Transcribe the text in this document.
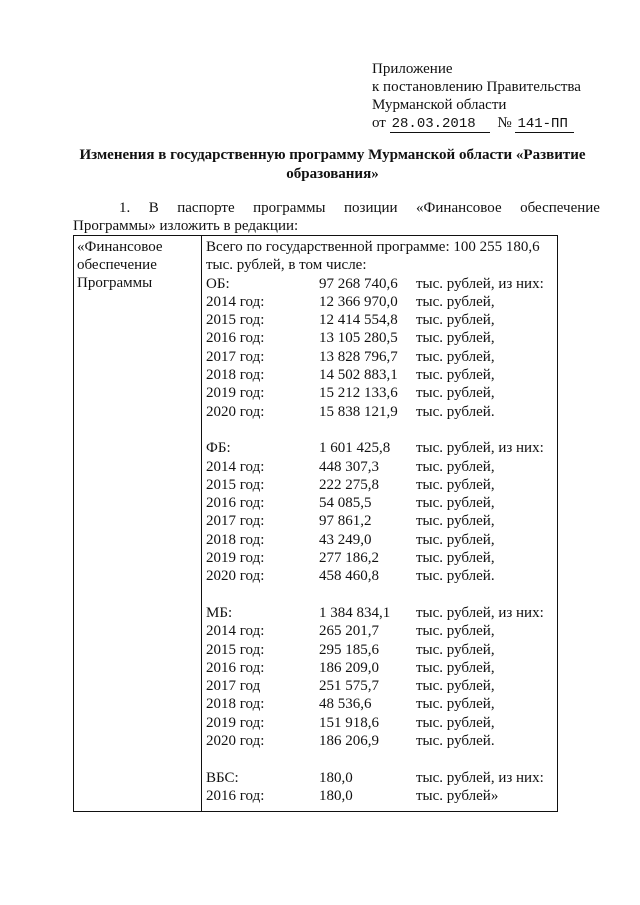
Приложение
к постановлению Правительства
Мурманской области
от 28.03.2018 № 141-ПП
Изменения в государственную программу Мурманской области «Развитие
образования»
1. В паспорте программы позиции «Финансовое обеспечение
Программы» изложить в редакции:
«Финансовое
обеспечение
Программы

Всего по государственной программе: 100 255 180,6
тыс. рублей, в том числе:
ОБ:	97 268 740,6	тыс. рублей, из них:
2014 год:	12 366 970,0	тыс. рублей,
2015 год:	12 414 554,8	тыс. рублей,
2016 год:	13 105 280,5	тыс. рублей,
2017 год:	13 828 796,7	тыс. рублей,
2018 год:	14 502 883,1	тыс. рублей,
2019 год:	15 212 133,6	тыс. рублей,
2020 год:	15 838 121,9	тыс. рублей.
ФБ:	1 601 425,8	тыс. рублей, из них:
2014 год:	448 307,3	тыс. рублей,
2015 год:	222 275,8	тыс. рублей,
2016 год:	54 085,5	тыс. рублей,
2017 год:	97 861,2	тыс. рублей,
2018 год:	43 249,0	тыс. рублей,
2019 год:	277 186,2	тыс. рублей,
2020 год:	458 460,8	тыс. рублей.
МБ:	1 384 834,1	тыс. рублей, из них:
2014 год:	265 201,7	тыс. рублей,
2015 год:	295 185,6	тыс. рублей,
2016 год:	186 209,0	тыс. рублей,
2017 год	251 575,7	тыс. рублей,
2018 год:	48 536,6	тыс. рублей,
2019 год:	151 918,6	тыс. рублей,
2020 год:	186 206,9	тыс. рублей.
ВБС:	180,0	тыс. рублей, из них:
2016 год:	180,0	тыс. рублей»
